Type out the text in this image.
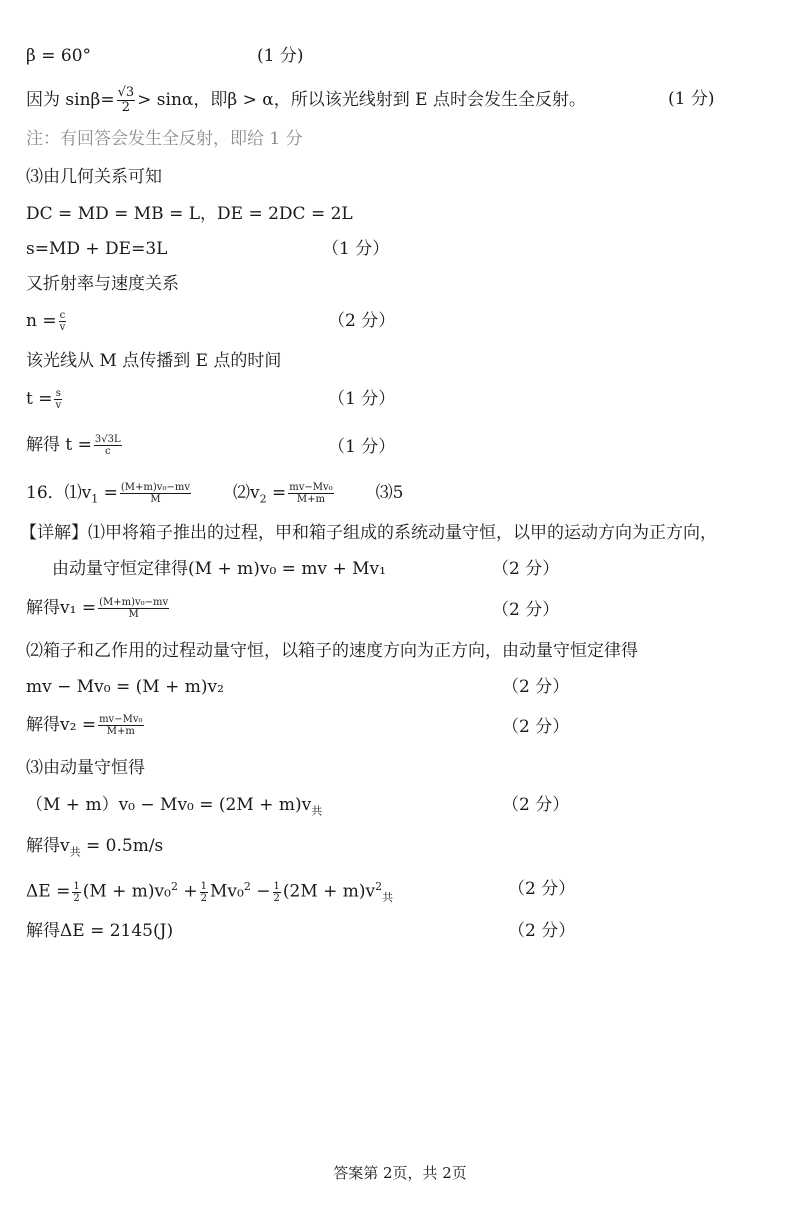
β = 60°	(1 分)
因为 $\sin\beta= \frac{√3}{2} > \sin\alpha$，即β > α，所以该光线射到 E 点时会发生全反射。	(1 分)
注：有回答会发生全反射，即给 1 分
⑶由几何关系可知
DC = MD = MB = L，DE = 2DC = 2L
s=MD + DE=3L	（1 分）
又折射率与速度关系
$n = \frac{c}{v}$	（2 分）
该光线从 M 点传播到 E 点的时间
$t = \frac{s}{v}$	（1 分）
解得 $t = \frac{3√3L}{c}$	（1 分）
16．$⑴v_1 = \frac{\text{(M+m)v₀−mv}}{M}$ $⑵v_2 = \frac{\text{mv−Mv₀}}{M+m}$ ⑶5
【详解】⑴甲将箱子推出的过程，甲和箱子组成的系统动量守恒，以甲的运动方向为正方向，
由动量守恒定律得(M + m)v₀ = mv + Mv₁	（2 分）
解得$v_1 = \frac{\text{(M+m)v₀−mv}}{M}$	（2 分）
⑵箱子和乙作用的过程动量守恒，以箱子的速度方向为正方向，由动量守恒定律得
mv − Mv₀ = (M + m)v₂	（2 分）
解得$v_2 = \frac{\text{mv−Mv₀}}{M+m}$	（2 分）
⑶由动量守恒得
$(M + m)v_0 - Mv_0 = (2M + m)v_共$	（2 分）
解得$v_共 = 0.5m/s$
$\Delta E = \frac{1}{2} (M + m)v_0^2 + \frac{1}{2} Mv_0^2 - \frac{1}{2} (2M + m)v^2_共$	（2 分）
解得ΔE = 2145(J)	（2 分）
答案第 2页，共 2页
